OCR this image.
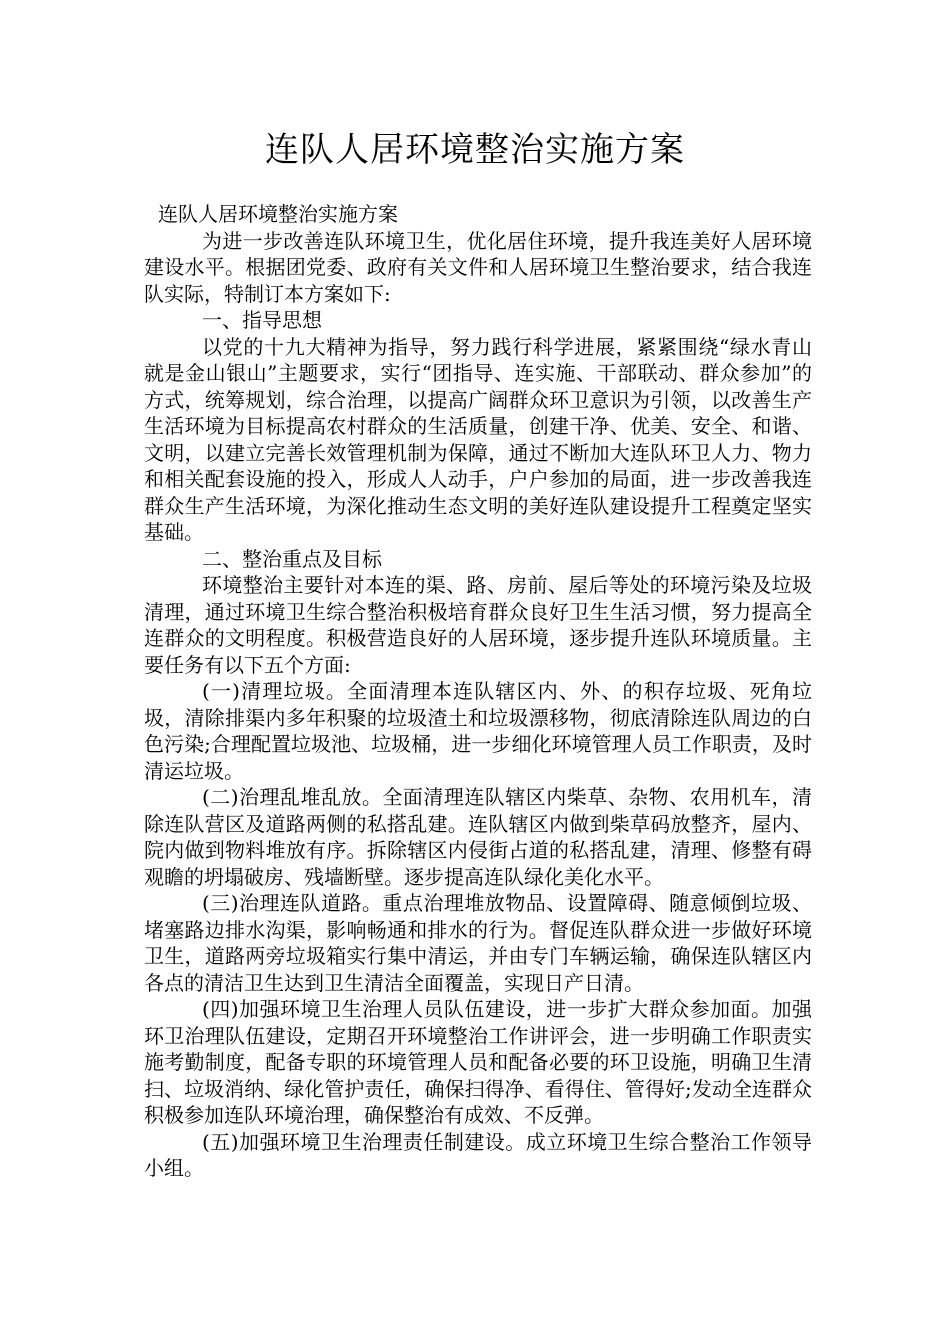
连队人居环境整治实施方案

连队人居环境整治实施方案

为进一步改善连队环境卫生，优化居住环境，提升我连美好人居环境建设水平。根据团党委、政府有关文件和人居环境卫生整治要求，结合我连队实际，特制订本方案如下:

一、指导思想

以党的十九大精神为指导，努力践行科学进展，紧紧围绕“绿水青山就是金山银山”主题要求，实行“团指导、连实施、干部联动、群众参加”的方式，统筹规划，综合治理，以提高广阔群众环卫意识为引领，以改善生产生活环境为目标提高农村群众的生活质量，创建干净、优美、安全、和谐、文明，以建立完善长效管理机制为保障，通过不断加大连队环卫人力、物力和相关配套设施的投入，形成人人动手，户户参加的局面，进一步改善我连群众生产生活环境，为深化推动生态文明的美好连队建设提升工程奠定坚实基础。

二、整治重点及目标

环境整治主要针对本连的渠、路、房前、屋后等处的环境污染及垃圾清理，通过环境卫生综合整治积极培育群众良好卫生生活习惯，努力提高全连群众的文明程度。积极营造良好的人居环境，逐步提升连队环境质量。主要任务有以下五个方面:

(一)清理垃圾。全面清理本连队辖区内、外、的积存垃圾、死角垃圾，清除排渠内多年积聚的垃圾渣土和垃圾漂移物，彻底清除连队周边的白色污染;合理配置垃圾池、垃圾桶，进一步细化环境管理人员工作职责，及时清运垃圾。

(二)治理乱堆乱放。全面清理连队辖区内柴草、杂物、农用机车，清除连队营区及道路两侧的私搭乱建。连队辖区内做到柴草码放整齐，屋内、院内做到物料堆放有序。拆除辖区内侵街占道的私搭乱建，清理、修整有碍观瞻的坍塌破房、残墙断壁。逐步提高连队绿化美化水平。

(三)治理连队道路。重点治理堆放物品、设置障碍、随意倾倒垃圾、堵塞路边排水沟渠，影响畅通和排水的行为。督促连队群众进一步做好环境卫生，道路两旁垃圾箱实行集中清运，并由专门车辆运输，确保连队辖区内各点的清洁卫生达到卫生清洁全面覆盖，实现日产日清。

(四)加强环境卫生治理人员队伍建设，进一步扩大群众参加面。加强环卫治理队伍建设，定期召开环境整治工作讲评会，进一步明确工作职责实施考勤制度，配备专职的环境管理人员和配备必要的环卫设施，明确卫生清扫、垃圾消纳、绿化管护责任，确保扫得净、看得住、管得好;发动全连群众积极参加连队环境治理，确保整治有成效、不反弹。

(五)加强环境卫生治理责任制建设。成立环境卫生综合整治工作领导小组。
